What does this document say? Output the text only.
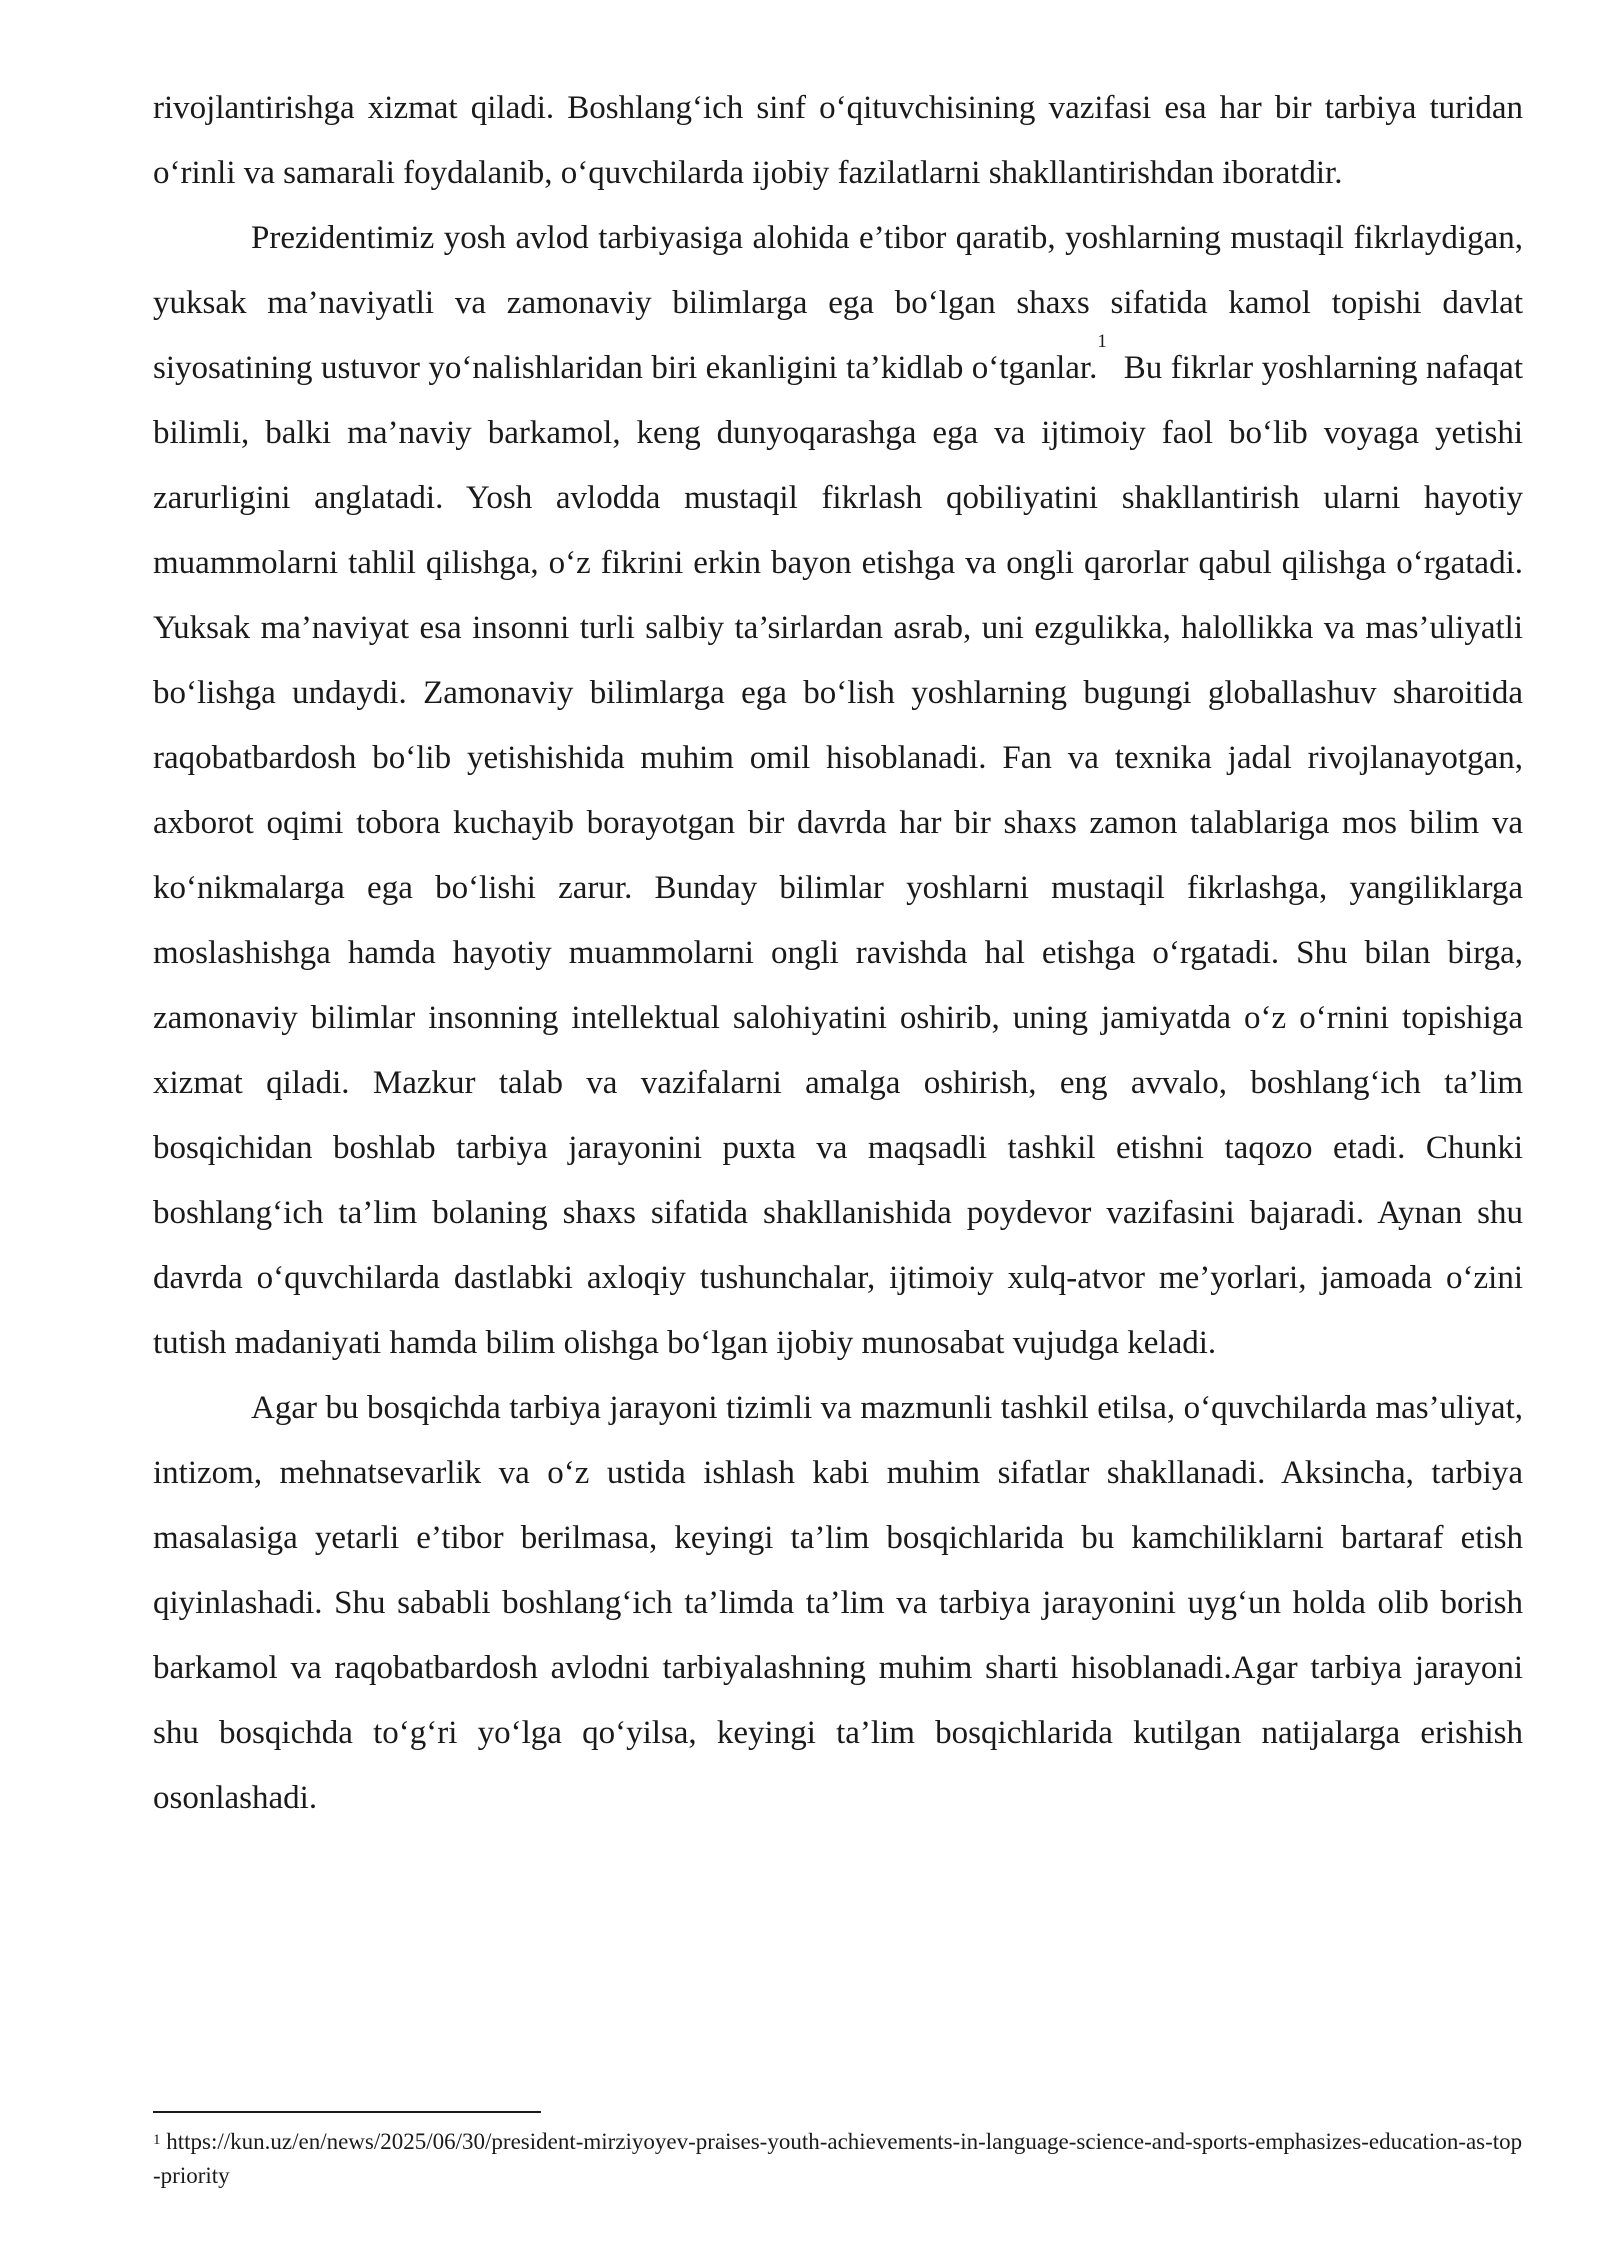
rivojlantirishga xizmat qiladi. Boshlang‘ich sinf o‘qituvchisining vazifasi esa har bir tarbiya turidan o‘rinli va samarali foydalanib, o‘quvchilarda ijobiy fazilatlarni shakllantirishdan iboratdir.

Prezidentimiz yosh avlod tarbiyasiga alohida e’tibor qaratib, yoshlarning mustaqil fikrlaydigan, yuksak ma’naviyatli va zamonaviy bilimlarga ega bo‘lgan shaxs sifatida kamol topishi davlat siyosatining ustuvor yo‘nalishlaridan biri ekanligini ta’kidlab o‘tganlar.$^1$  Bu fikrlar yoshlarning nafaqat bilimli, balki ma’naviy barkamol, keng dunyoqarashga ega va ijtimoiy faol bo‘lib voyaga yetishi zarurligini anglatadi. Yosh avlodda mustaqil fikrlash qobiliyatini shakllantirish ularni hayotiy muammolarni tahlil qilishga, o‘z fikrini erkin bayon etishga va ongli qarorlar qabul qilishga o‘rgatadi. Yuksak ma’naviyat esa insonni turli salbiy ta’sirlardan asrab, uni ezgulikka, halollikka va mas’uliyatli bo‘lishga undaydi. Zamonaviy bilimlarga ega bo‘lish yoshlarning bugungi globallashuv sharoitida raqobatbardosh bo‘lib yetishishida muhim omil hisoblanadi. Fan va texnika jadal rivojlanayotgan, axborot oqimi tobora kuchayib borayotgan bir davrda har bir shaxs zamon talablariga mos bilim va ko‘nikmalarga ega bo‘lishi zarur. Bunday bilimlar yoshlarni mustaqil fikrlashga, yangiliklarga moslashishga hamda hayotiy muammolarni ongli ravishda hal etishga o‘rgatadi. Shu bilan birga, zamonaviy bilimlar insonning intellektual salohiyatini oshirib, uning jamiyatda o‘z o‘rnini topishiga xizmat qiladi. Mazkur talab va vazifalarni amalga oshirish, eng avvalo, boshlang‘ich ta’lim bosqichidan boshlab tarbiya jarayonini puxta va maqsadli tashkil etishni taqozo etadi. Chunki boshlang‘ich ta’lim bolaning shaxs sifatida shakllanishida poydevor vazifasini bajaradi. Aynan shu davrda o‘quvchilarda dastlabki axloqiy tushunchalar, ijtimoiy xulq-atvor me’yorlari, jamoada o‘zini tutish madaniyati hamda bilim olishga bo‘lgan ijobiy munosabat vujudga keladi.

Agar bu bosqichda tarbiya jarayoni tizimli va mazmunli tashkil etilsa, o‘quvchilarda mas’uliyat, intizom, mehnatsevarlik va o‘z ustida ishlash kabi muhim sifatlar shakllanadi. Aksincha, tarbiya masalasiga yetarli e’tibor berilmasa, keyingi ta’lim bosqichlarida bu kamchiliklarni bartaraf etish qiyinlashadi. Shu sababli boshlang‘ich ta’limda ta’lim va tarbiya jarayonini uyg‘un holda olib borish barkamol va raqobatbardosh avlodni tarbiyalashning muhim sharti hisoblanadi.Agar tarbiya jarayoni shu bosqichda to‘g‘ri yo‘lga qo‘yilsa, keyingi ta’lim bosqichlarida kutilgan natijalarga erishish osonlashadi.

$^1$ https://kun.uz/en/news/2025/06/30/president-mirziyoyev-praises-youth-achievements-in-language-science-and-sports-emphasizes-education-as-top-priority
